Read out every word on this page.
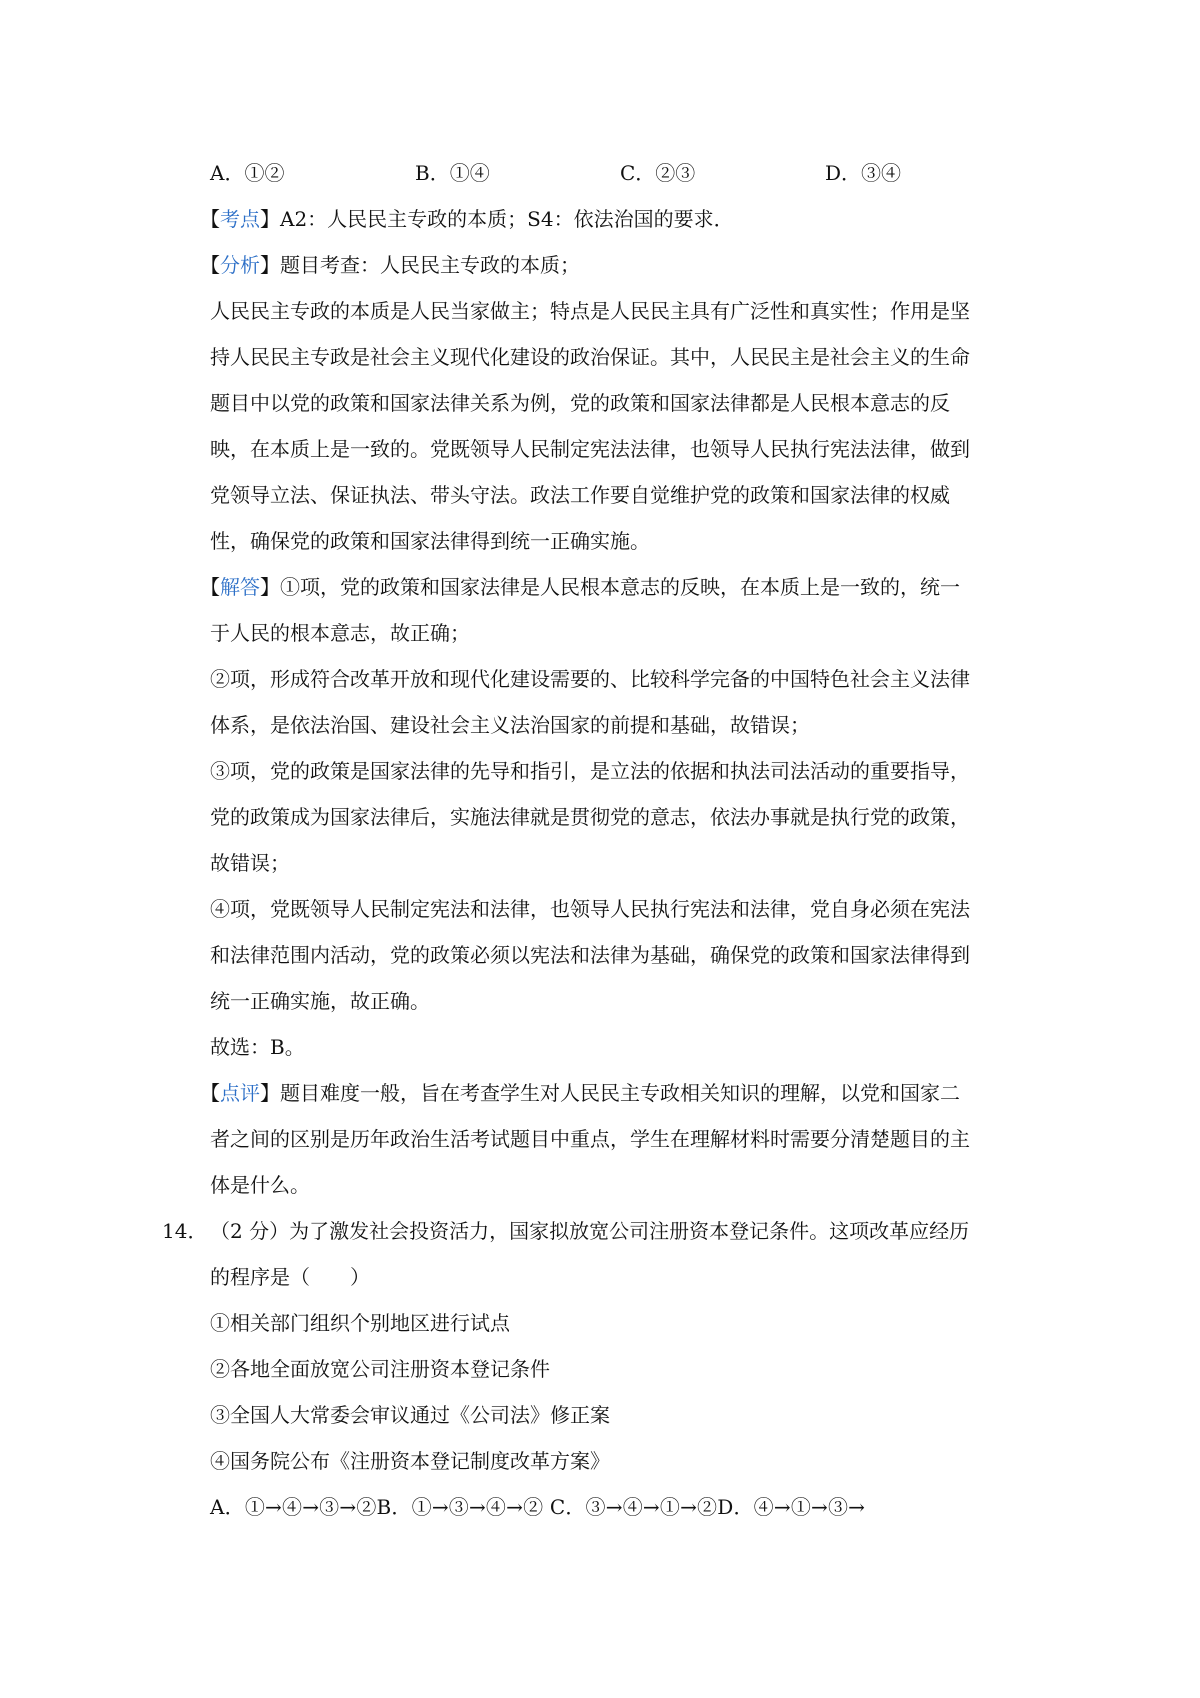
A．①②	B．①④	C．②③	D．③④
【考点】A2：人民民主专政的本质；S4：依法治国的要求．
【分析】题目考查：人民民主专政的本质；
人民民主专政的本质是人民当家做主；特点是人民民主具有广泛性和真实性；作用是坚
持人民民主专政是社会主义现代化建设的政治保证。其中，人民民主是社会主义的生命
题目中以党的政策和国家法律关系为例，党的政策和国家法律都是人民根本意志的反
映，在本质上是一致的。党既领导人民制定宪法法律，也领导人民执行宪法法律，做到
党领导立法、保证执法、带头守法。政法工作要自觉维护党的政策和国家法律的权威
性，确保党的政策和国家法律得到统一正确实施。
【解答】①项，党的政策和国家法律是人民根本意志的反映，在本质上是一致的，统一
于人民的根本意志，故正确；
②项，形成符合改革开放和现代化建设需要的、比较科学完备的中国特色社会主义法律
体系，是依法治国、建设社会主义法治国家的前提和基础，故错误；
③项，党的政策是国家法律的先导和指引，是立法的依据和执法司法活动的重要指导，
党的政策成为国家法律后，实施法律就是贯彻党的意志，依法办事就是执行党的政策，
故错误；
④项，党既领导人民制定宪法和法律，也领导人民执行宪法和法律，党自身必须在宪法
和法律范围内活动，党的政策必须以宪法和法律为基础，确保党的政策和国家法律得到
统一正确实施，故正确。
故选：B。
【点评】题目难度一般，旨在考查学生对人民民主专政相关知识的理解，以党和国家二
者之间的区别是历年政治生活考试题目中重点，学生在理解材料时需要分清楚题目的主
体是什么。
14． （2 分）为了激发社会投资活力，国家拟放宽公司注册资本登记条件。这项改革应经历
的程序是（　　）
①相关部门组织个别地区进行试点
②各地全面放宽公司注册资本登记条件
③全国人大常委会审议通过《公司法》修正案
④国务院公布《注册资本登记制度改革方案》
A．①→④→③→②B．①→③→④→② C．③→④→①→②D．④→①→③→
